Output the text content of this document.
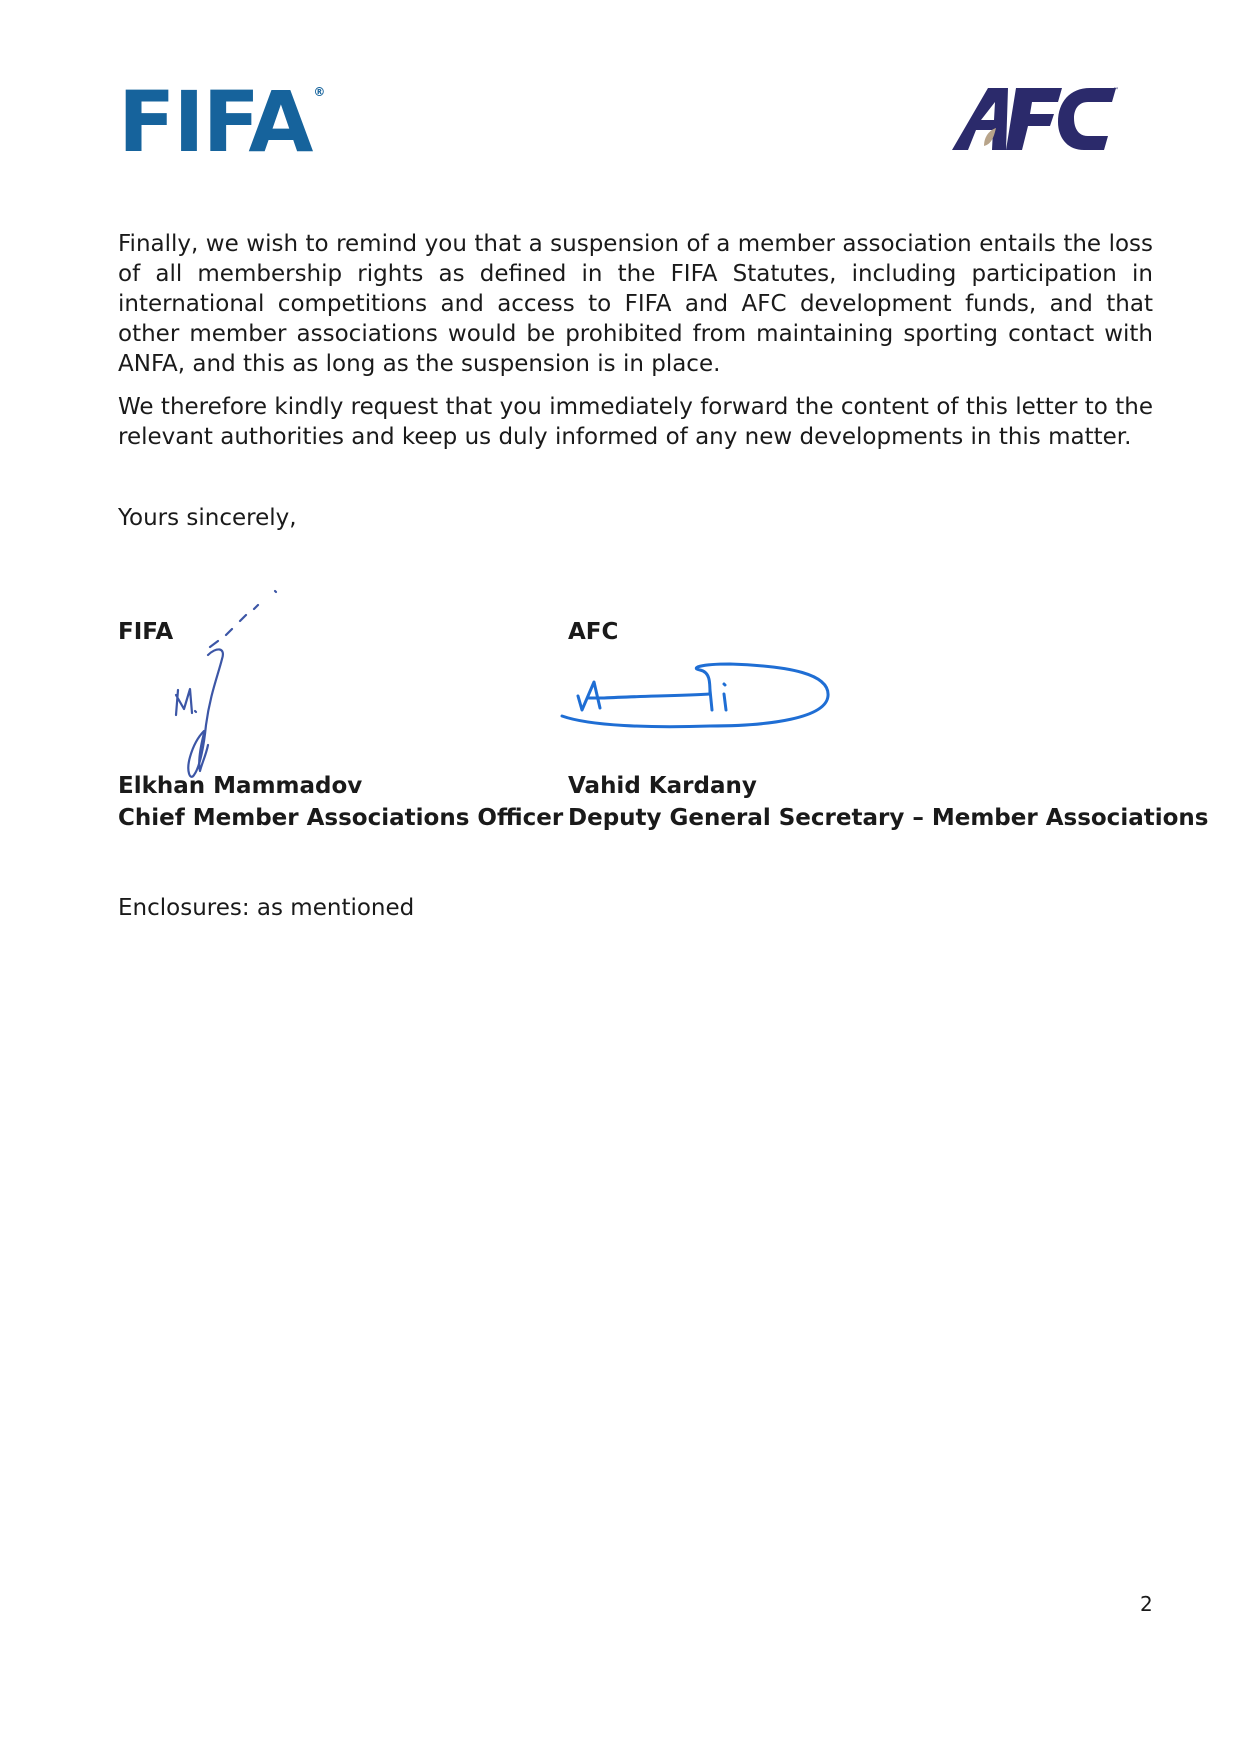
FIFA ®	™

Finally, we wish to remind you that a suspension of a member association entails the loss of all membership rights as defined in the FIFA Statutes, including participation in international competitions and access to FIFA and AFC development funds, and that other member associations would be prohibited from maintaining sporting contact with ANFA, and this as long as the suspension is in place.

We therefore kindly request that you immediately forward the content of this letter to the relevant authorities and keep us duly informed of any new developments in this matter.

Yours sincerely,
FIFA
Elkhan Mammadov
Chief Member Associations Officer
AFC
Vahid Kardany
Deputy General Secretary – Member Associations
Enclosures: as mentioned
2
